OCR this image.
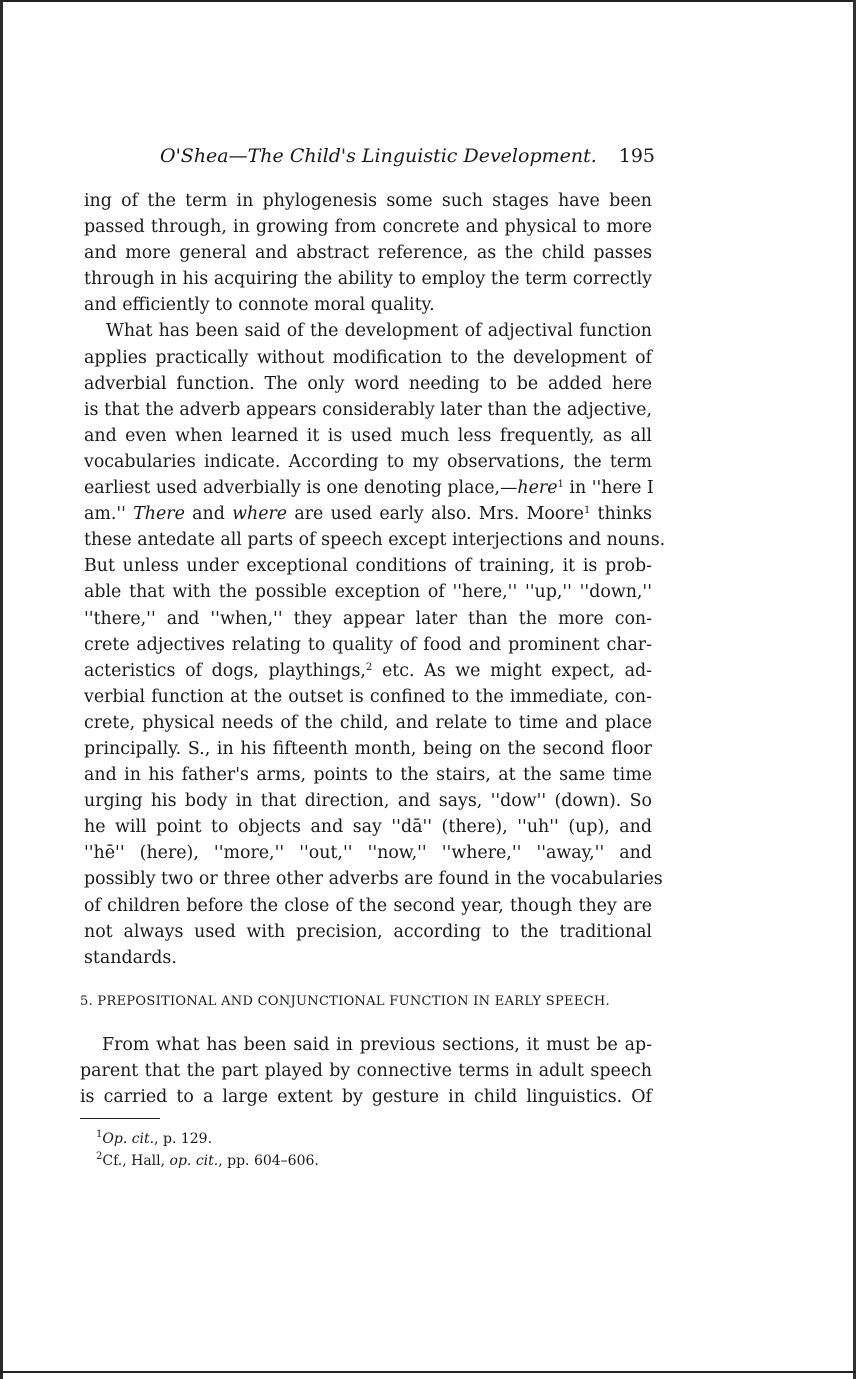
O'Shea—The Child's Linguistic Development. 195
ing of the term in phylogenesis some such stages have been
passed through, in growing from concrete and physical to more
and more general and abstract reference, as the child passes
through in his acquiring the ability to employ the term correctly
and efficiently to connote moral quality.
What has been said of the development of adjectival function
applies practically without modification to the development of
adverbial function. The only word needing to be added here
is that the adverb appears considerably later than the adjective,
and even when learned it is used much less frequently, as all
vocabularies indicate. According to my observations, the term
earliest used adverbially is one denoting place,—here$^1$ in ''here I
am.'' There and where are used early also. Mrs. Moore$^1$ thinks
these antedate all parts of speech except interjections and nouns.
But unless under exceptional conditions of training, it is prob-
able that with the possible exception of ''here,'' ''up,'' ''down,''
''there,'' and ''when,'' they appear later than the more con-
crete adjectives relating to quality of food and prominent char-
acteristics of dogs, playthings,$^2$ etc. As we might expect, ad-
verbial function at the outset is confined to the immediate, con-
crete, physical needs of the child, and relate to time and place
principally. S., in his fifteenth month, being on the second floor
and in his father's arms, points to the stairs, at the same time
urging his body in that direction, and says, ''dow'' (down). So
he will point to objects and say ''dā'' (there), ''uh'' (up), and
''hē'' (here), ''more,'' ''out,'' ''now,'' ''where,'' ''away,'' and
possibly two or three other adverbs are found in the vocabularies
of children before the close of the second year, though they are
not always used with precision, according to the traditional
standards.
5. PREPOSITIONAL AND CONJUNCTIONAL FUNCTION IN EARLY SPEECH.
From what has been said in previous sections, it must be ap-
parent that the part played by connective terms in adult speech
is carried to a large extent by gesture in child linguistics. Of
$^1$Op. cit., p. 129.
$^2$Cf., Hall, op. cit., pp. 604–606.
